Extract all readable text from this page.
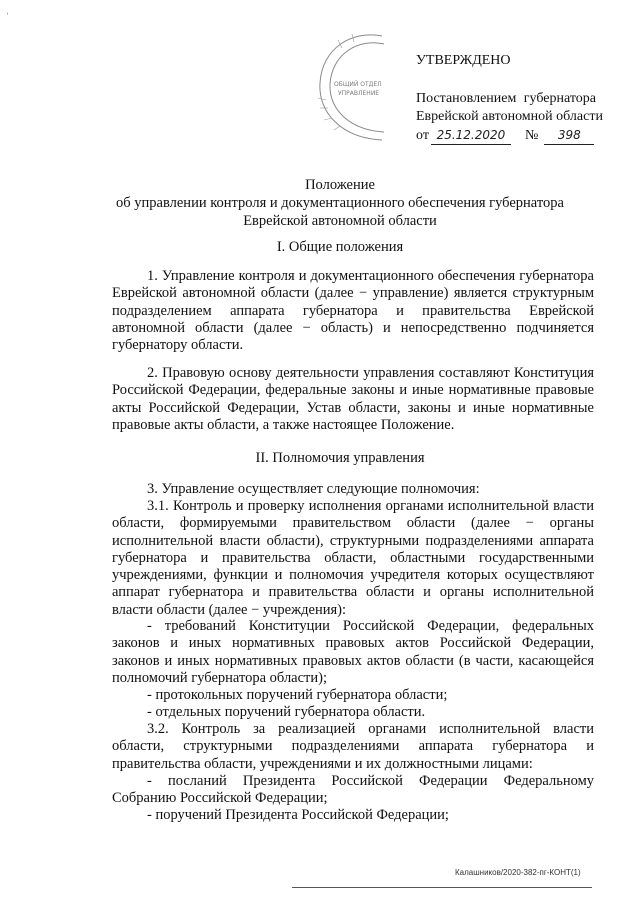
ˈ
ОБЩИЙ ОТДЕЛ
УПРАВЛЕНИЕ
УТВЕРЖДЕНО
Постановлением губернатора
Еврейской автономной области
от 25.12.2020	№	398
Положение
об управлении контроля и документационного обеспечения губернатора
Еврейской автономной области
I. Общие положения
1. Управление контроля и документационного обеспечения губернатора Еврейской автономной области (далее − управление) является структурным подразделением аппарата губернатора и правительства Еврейской автономной области (далее − область) и непосредственно подчиняется губернатору области.
2. Правовую основу деятельности управления составляют Конституция Российской Федерации, федеральные законы и иные нормативные правовые акты Российской Федерации, Устав области, законы и иные нормативные правовые акты области, а также настоящее Положение.
II. Полномочия управления
3. Управление осуществляет следующие полномочия:
3.1. Контроль и проверку исполнения органами исполнительной власти области, формируемыми правительством области (далее − органы исполнительной власти области), структурными подразделениями аппарата губернатора и правительства области, областными государственными учреждениями, функции и полномочия учредителя которых осуществляют аппарат губернатора и правительства области и органы исполнительной власти области (далее − учреждения):
- требований Конституции Российской Федерации, федеральных законов и иных нормативных правовых актов Российской Федерации, законов и иных нормативных правовых актов области (в части, касающейся полномочий губернатора области);
- протокольных поручений губернатора области;
- отдельных поручений губернатора области.
3.2. Контроль за реализацией органами исполнительной власти области, структурными подразделениями аппарата губернатора и правительства области, учреждениями и их должностными лицами:
- посланий Президента Российской Федерации Федеральному Собранию Российской Федерации;
- поручений Президента Российской Федерации;
Калашников/2020-382-пг-КОНТ(1)
